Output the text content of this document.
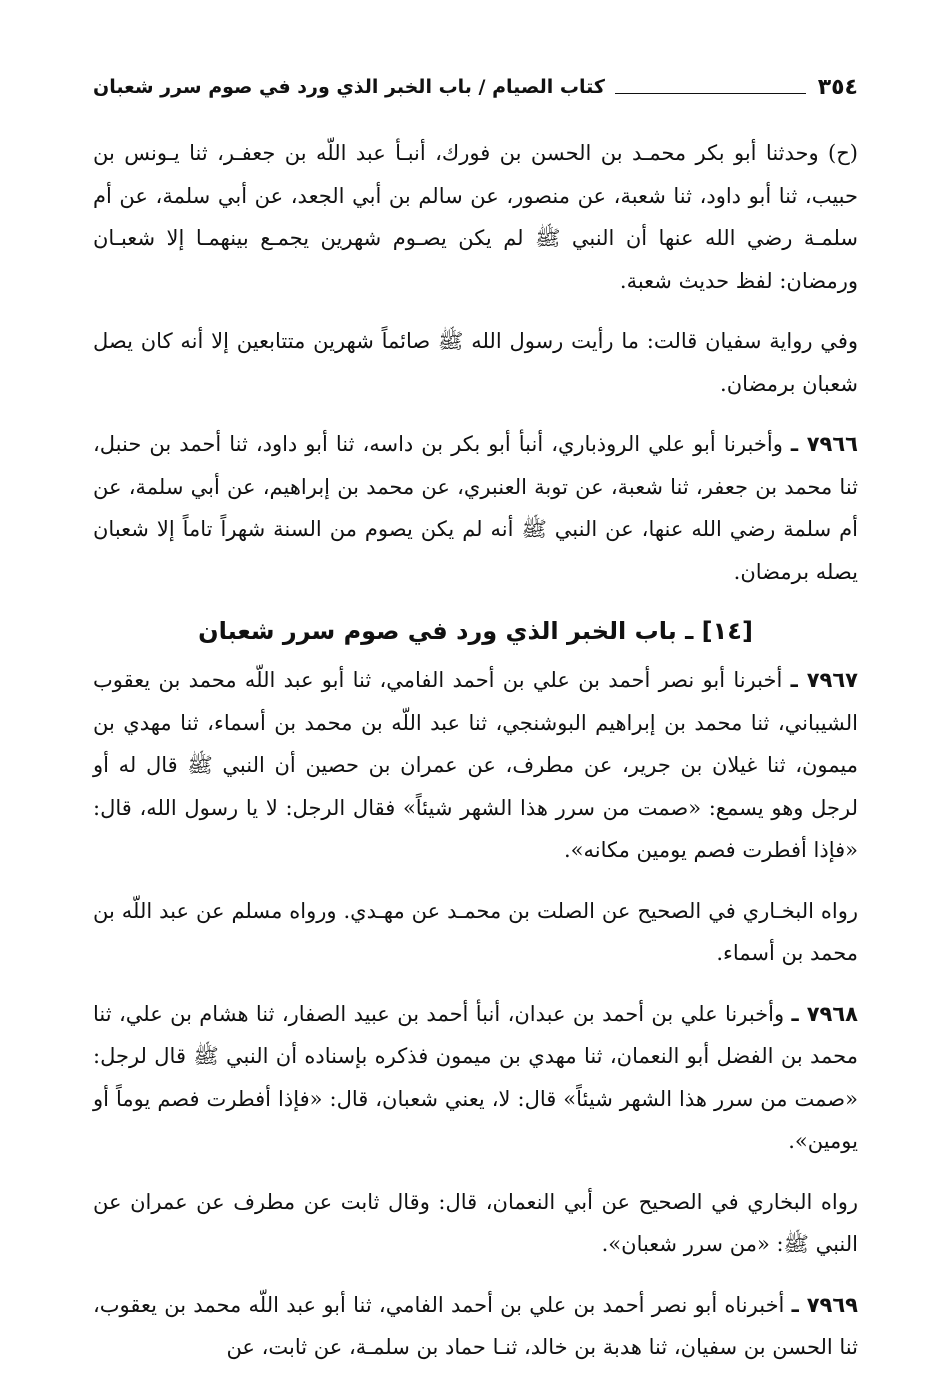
٣٥٤
كتاب الصيام / باب الخبر الذي ورد في صوم سرر شعبان

(ح) وحدثنا أبو بكر محمـد بن الحسن بن فورك، أنبـأ عبد اللّه بن جعفـر، ثنا يـونس بن حبيب، ثنا أبو داود، ثنا شعبة، عن منصور، عن سالم بن أبي الجعد، عن أبي سلمة، عن أم سلمـة رضي الله عنها أن النبي ﷺ لم يكن يصـوم شهرين يجمـع بينهمـا إلا شعبـان ورمضان: لفظ حديث شعبة.

وفي رواية سفيان قالت: ما رأيت رسول الله ﷺ صائماً شهرين متتابعين إلا أنه كان يصل شعبان برمضان.

٧٩٦٦ ـ وأخبرنا أبو علي الروذباري، أنبأ أبو بكر بن داسه، ثنا أبو داود، ثنا أحمد بن حنبل، ثنا محمد بن جعفر، ثنا شعبة، عن توبة العنبري، عن محمد بن إبراهيم، عن أبي سلمة، عن أم سلمة رضي الله عنها، عن النبي ﷺ أنه لم يكن يصوم من السنة شهراً تاماً إلا شعبان يصله برمضان.

[١٤] ـ باب الخبر الذي ورد في صوم سرر شعبان

٧٩٦٧ ـ أخبرنا أبو نصر أحمد بن علي بن أحمد الفامي، ثنا أبو عبد اللّه محمد بن يعقوب الشيباني، ثنا محمد بن إبراهيم البوشنجي، ثنا عبد اللّه بن محمد بن أسماء، ثنا مهدي بن ميمون، ثنا غيلان بن جرير، عن مطرف، عن عمران بن حصين أن النبي ﷺ قال له أو لرجل وهو يسمع: «صمت من سرر هذا الشهر شيئاً» فقال الرجل: لا يا رسول الله، قال: «فإذا أفطرت فصم يومين مكانه».

رواه البخـاري في الصحيح عن الصلت بن محمـد عن مهـدي. ورواه مسلم عن عبد اللّه بن محمد بن أسماء.

٧٩٦٨ ـ وأخبرنا علي بن أحمد بن عبدان، أنبأ أحمد بن عبيد الصفار، ثنا هشام بن علي، ثنا محمد بن الفضل أبو النعمان، ثنا مهدي بن ميمون فذكره بإسناده أن النبي ﷺ قال لرجل: «صمت من سرر هذا الشهر شيئاً» قال: لا، يعني شعبان، قال: «فإذا أفطرت فصم يوماً أو يومين».

رواه البخاري في الصحيح عن أبي النعمان، قال: وقال ثابت عن مطرف عن عمران عن النبي ﷺ: «من سرر شعبان».

٧٩٦٩ ـ أخبرناه أبو نصر أحمد بن علي بن أحمد الفامي، ثنا أبو عبد اللّه محمد بن يعقوب، ثنا الحسن بن سفيان، ثنا هدبة بن خالد، ثنـا حماد بن سلمـة، عن ثابت، عن
